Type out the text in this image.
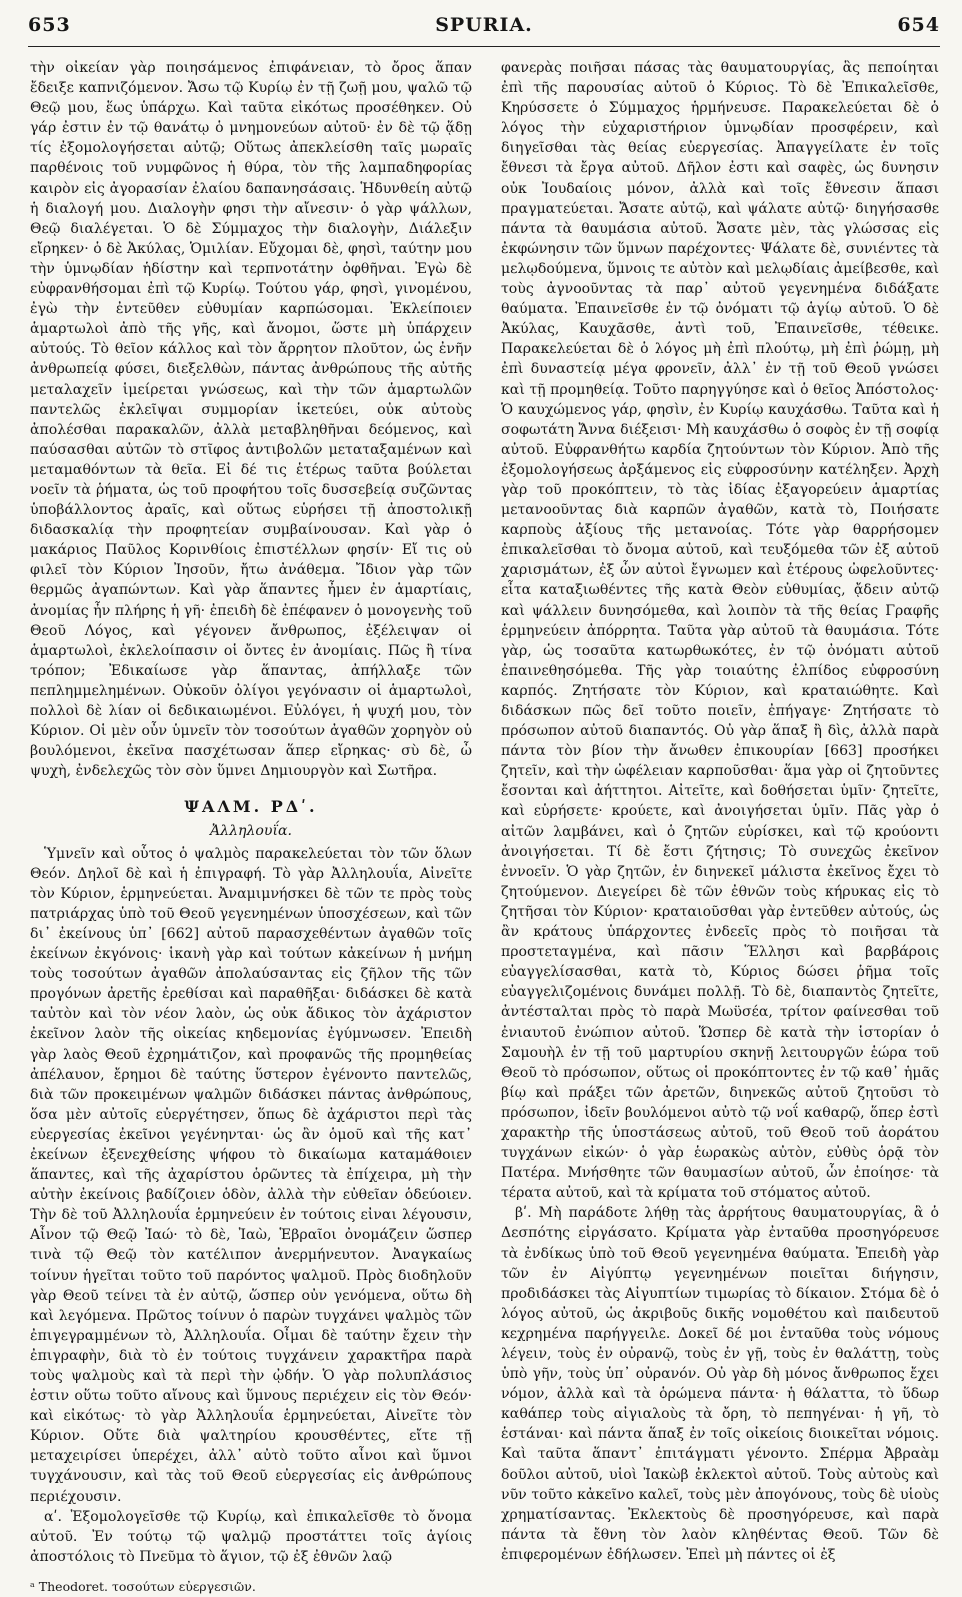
653	SPURIA.	654

τὴν οἰκείαν γὰρ ποιησάμενος ἐπιφάνειαν, τὸ ὄρος ἅπαν ἔδειξε καπνιζόμενον. Ἄσω τῷ Κυρίῳ ἐν τῇ ζωῇ μου, ψαλῶ τῷ Θεῷ μου, ἕως ὑπάρχω. Καὶ ταῦτα εἰκότως προσέθηκεν. Οὐ γάρ ἐστιν ἐν τῷ θανάτῳ ὁ μνημονεύων αὐτοῦ· ἐν δὲ τῷ ᾅδῃ τίς ἐξομολογήσεται αὐτῷ; Οὕτως ἀπεκλείσθη ταῖς μωραῖς παρθένοις τοῦ νυμφῶνος ἡ θύρα, τὸν τῆς λαμπαδηφορίας καιρὸν εἰς ἀγορασίαν ἐλαίου δαπανησάσαις. Ἡδυνθείη αὐτῷ ἡ διαλογή μου. Διαλογὴν φησι τὴν αἴνεσιν· ὁ γὰρ ψάλλων, Θεῷ διαλέγεται. Ὁ δὲ Σύμμαχος τὴν διαλογὴν, Διάλεξιν εἴρηκεν· ὁ δὲ Ἀκύλας, Ὁμιλίαν. Εὔχομαι δὲ, φησὶ, ταύτην μου τὴν ὑμνῳδίαν ἡδίστην καὶ τερπνοτάτην ὀφθῆναι. Ἐγὼ δὲ εὐφρανθήσομαι ἐπὶ τῷ Κυρίῳ. Τούτου γάρ, φησὶ, γινομένου, ἐγὼ τὴν ἐντεῦθεν εὐθυμίαν καρπώσομαι. Ἐκλείποιεν ἁμαρτωλοὶ ἀπὸ τῆς γῆς, καὶ ἄνομοι, ὥστε μὴ ὑπάρχειν αὐτούς. Τὸ θεῖον κάλλος καὶ τὸν ἄρρητον πλοῦτον, ὡς ἐνῆν ἀνθρωπείᾳ φύσει, διεξελθὼν, πάντας ἀνθρώπους τῆς αὐτῆς μεταλαχεῖν ἱμείρεται γνώσεως, καὶ τὴν τῶν ἁμαρτωλῶν παντελῶς ἐκλεῖψαι συμμορίαν ἱκετεύει, οὐκ αὐτοὺς ἀπολέσθαι παρακαλῶν, ἀλλὰ μεταβληθῆναι δεόμενος, καὶ παύσασθαι αὐτῶν τὸ στῖφος ἀντιβολῶν μεταταξαμένων καὶ μεταμαθόντων τὰ θεῖα. Εἰ δέ τις ἑτέρως ταῦτα βούλεται νοεῖν τὰ ῥήματα, ὡς τοῦ προφήτου τοῖς δυσσεβείᾳ συζῶντας ὑποβάλλοντος ἀραῖς, καὶ οὕτως εὑρήσει τῇ ἀποστολικῇ διδασκαλίᾳ τὴν προφητείαν συμβαίνουσαν. Καὶ γὰρ ὁ μακάριος Παῦλος Κορινθίοις ἐπιστέλλων φησίν· Εἴ τις οὐ φιλεῖ τὸν Κύριον Ἰησοῦν, ἤτω ἀνάθεμα. Ἴδιον γὰρ τῶν θερμῶς ἀγαπώντων. Καὶ γὰρ ἅπαντες ἦμεν ἐν ἁμαρτίαις, ἀνομίας ἦν πλήρης ἡ γῆ· ἐπειδὴ δὲ ἐπέφανεν ὁ μονογενὴς τοῦ Θεοῦ Λόγος, καὶ γέγονεν ἄνθρωπος, ἐξέλειψαν οἱ ἁμαρτωλοὶ, ἐκλελοίπασιν οἱ ὄντες ἐν ἀνομίαις. Πῶς ἢ τίνα τρόπον; Ἐδικαίωσε γὰρ ἅπαντας, ἀπήλλαξε τῶν πεπλημμελημένων. Οὐκοῦν ὀλίγοι γεγόνασιν οἱ ἁμαρτωλοὶ, πολλοὶ δὲ λίαν οἱ δεδικαιωμένοι. Εὐλόγει, ἡ ψυχή μου, τὸν Κύριον. Οἱ μὲν οὖν ὑμνεῖν τὸν τοσούτων ἀγαθῶν χορηγὸν οὐ βουλόμενοι, ἐκεῖνα πασχέτωσαν ἅπερ εἴρηκας· σὺ δὲ, ὦ ψυχὴ, ἐνδελεχῶς τὸν σὸν ὕμνει Δημιουργὸν καὶ Σωτῆρα.

ΨΑΛΜ. ΡΔʹ.
Ἀλληλουΐα.

Ὑμνεῖν καὶ οὗτος ὁ ψαλμὸς παρακελεύεται τὸν τῶν ὅλων Θεόν. Δηλοῖ δὲ καὶ ἡ ἐπιγραφή. Τὸ γὰρ Ἀλληλουΐα, Αἰνεῖτε τὸν Κύριον, ἑρμηνεύεται. Ἀναμιμνήσκει δὲ τῶν τε πρὸς τοὺς πατριάρχας ὑπὸ τοῦ Θεοῦ γεγενημένων ὑποσχέσεων, καὶ τῶν δι᾽ ἐκείνους ὑπ᾽ [662] αὐτοῦ παρασχεθέντων ἀγαθῶν τοῖς ἐκείνων ἐκγόνοις· ἱκανὴ γὰρ καὶ τούτων κἀκείνων ἡ μνήμη τοὺς τοσούτων ἀγαθῶν ἀπολαύσαντας εἰς ζῆλον τῆς τῶν προγόνων ἀρετῆς ἐρεθίσαι καὶ παραθῆξαι· διδάσκει δὲ κατὰ ταὐτὸν καὶ τὸν νέον λαὸν, ὡς οὐκ ἄδικος τὸν ἀχάριστον ἐκεῖνον λαὸν τῆς οἰκείας κηδεμονίας ἐγύμνωσεν. Ἐπειδὴ γὰρ λαὸς Θεοῦ ἐχρημάτιζον, καὶ προφανῶς τῆς προμηθείας ἀπέλαυον, ἔρημοι δὲ ταύτης ὕστερον ἐγένοντο παντελῶς, διὰ τῶν προκειμένων ψαλμῶν διδάσκει πάντας ἀνθρώπους, ὅσα μὲν αὐτοῖς εὐεργέτησεν, ὅπως δὲ ἀχάριστοι περὶ τὰς εὐεργεσίας ἐκεῖνοι γεγένηνται· ὡς ἂν ὁμοῦ καὶ τῆς κατ᾽ ἐκείνων ἐξενεχθείσης ψήφου τὸ δικαίωμα καταμάθοιεν ἅπαντες, καὶ τῆς ἀχαρίστου ὁρῶντες τὰ ἐπίχειρα, μὴ τὴν αὐτὴν ἐκείνοις βαδίζοιεν ὁδὸν, ἀλλὰ τὴν εὐθεῖαν ὁδεύοιεν. Τὴν δὲ τοῦ Ἀλληλουΐα ἑρμηνεύειν ἐν τούτοις εἰναι λέγουσιν, Αἶνον τῷ Θεῷ Ἰαώ· τὸ δὲ, Ἰαὼ, Ἑβραῖοι ὀνομάζειν ὥσπερ τινὰ τῷ Θεῷ τὸν κατέλιπον ἀνερμήνευτον. Ἀναγκαίως τοίνυν ἡγεῖται τοῦτο τοῦ παρόντος ψαλμοῦ. Πρὸς διοδηλοῦν γὰρ Θεοῦ τείνει τὰ ἐν αὐτῷ, ὥσπερ οὐν γενόμενα, οὕτω δὴ καὶ λεγόμενα. Πρῶτος τοίνυν ὁ παρὼν τυγχάνει ψαλμὸς τῶν ἐπιγεγραμμένων τὸ, Ἀλληλουΐα. Οἶμαι δὲ ταύτην ἔχειν τὴν ἐπιγραφὴν, διὰ τὸ ἐν τούτοις τυγχάνειν χαρακτῆρα παρὰ τοὺς ψαλμοὺς καὶ τὰ περὶ τὴν ᾠδήν. Ὁ γὰρ πολυπλάσιος ἐστιν οὕτω τοῦτο αἴνους καὶ ὕμνους περιέχειν εἰς τὸν Θεόν· καὶ εἰκότως· τὸ γὰρ Ἀλληλουΐα ἑρμηνεύεται, Αἰνεῖτε τὸν Κύριον. Οὔτε διὰ ψαλτηρίου κρουσθέντες, εἴτε τῇ μεταχειρίσει ὑπερέχει, ἀλλ᾽ αὐτὸ τοῦτο αἶνοι καὶ ὕμνοι τυγχάνουσιν, καὶ τὰς τοῦ Θεοῦ εὐεργεσίας εἰς ἀνθρώπους περιέχουσιν.

αʹ. Ἐξομολογεῖσθε τῷ Κυρίῳ, καὶ ἐπικαλεῖσθε τὸ ὄνομα αὐτοῦ. Ἐν τούτῳ τῷ ψαλμῷ προστάττει τοῖς ἁγίοις ἀποστόλοις τὸ Πνεῦμα τὸ ἅγιον, τῷ ἐξ ἐθνῶν λαῷ

ᵃ Theodoret. τοσούτων εὐεργεσιῶν.

φανερὰς ποιῆσαι πάσας τὰς θαυματουργίας, ἃς πεποίηται ἐπὶ τῆς παρουσίας αὐτοῦ ὁ Κύριος. Τὸ δὲ Ἐπικαλεῖσθε, Κηρύσσετε ὁ Σύμμαχος ἡρμήνευσε. Παρακελεύεται δὲ ὁ λόγος τὴν εὐχαριστήριον ὑμνῳδίαν προσφέρειν, καὶ διηγεῖσθαι τὰς θείας εὐεργεσίας. Ἀπαγγείλατε ἐν τοῖς ἔθνεσι τὰ ἔργα αὐτοῦ. Δῆλον ἐστι καὶ σαφὲς, ὡς δυνησιν οὐκ Ἰουδαίοις μόνον, ἀλλὰ καὶ τοῖς ἔθνεσιν ἅπασι πραγματεύεται. Ἄσατε αὐτῷ, καὶ ψάλατε αὐτῷ· διηγήσασθε πάντα τὰ θαυμάσια αὐτοῦ. Ἄσατε μὲν, τὰς γλώσσας εἰς ἐκφώνησιν τῶν ὕμνων παρέχοντες· Ψάλατε δὲ, συνιέντες τὰ μελῳδούμενα, ὕμνοις τε αὐτὸν καὶ μελῳδίαις ἀμείβεσθε, καὶ τοὺς ἀγνοοῦντας τὰ παρ᾽ αὐτοῦ γεγενημένα διδάξατε θαύματα. Ἐπαινεῖσθε ἐν τῷ ὀνόματι τῷ ἁγίῳ αὐτοῦ. Ὁ δὲ Ἀκύλας, Καυχᾶσθε, ἀντὶ τοῦ, Ἐπαινεῖσθε, τέθεικε. Παρακελεύεται δὲ ὁ λόγος μὴ ἐπὶ πλούτῳ, μὴ ἐπὶ ῥώμῃ, μὴ ἐπὶ δυναστείᾳ μέγα φρονεῖν, ἀλλ᾽ ἐν τῇ τοῦ Θεοῦ γνώσει καὶ τῇ προμηθείᾳ. Τοῦτο παρηγγύησε καὶ ὁ θεῖος Ἀπόστολος· Ὁ καυχώμενος γάρ, φησὶν, ἐν Κυρίῳ καυχάσθω. Ταῦτα καὶ ἡ σοφωτάτη Ἄννα διέξεισι· Μὴ καυχάσθω ὁ σοφὸς ἐν τῇ σοφίᾳ αὐτοῦ. Εὐφρανθήτω καρδία ζητούντων τὸν Κύριον. Ἀπὸ τῆς ἐξομολογήσεως ἀρξάμενος εἰς εὐφροσύνην κατέληξεν. Ἀρχὴ γὰρ τοῦ προκόπτειν, τὸ τὰς ἰδίας ἐξαγορεύειν ἁμαρτίας μετανοοῦντας διὰ καρπῶν ἀγαθῶν, κατὰ τὸ, Ποιήσατε καρποὺς ἀξίους τῆς μετανοίας. Τότε γὰρ θαρρήσομεν ἐπικαλεῖσθαι τὸ ὄνομα αὐτοῦ, καὶ τευξόμεθα τῶν ἐξ αὐτοῦ χαρισμάτων, ἐξ ὧν αὐτοὶ ἔγνωμεν καὶ ἑτέρους ὠφελοῦντες· εἶτα καταξιωθέντες τῆς κατὰ Θεὸν εὐθυμίας, ᾄδειν αὐτῷ καὶ ψάλλειν δυνησόμεθα, καὶ λοιπὸν τὰ τῆς θείας Γραφῆς ἑρμηνεύειν ἀπόρρητα. Ταῦτα γὰρ αὐτοῦ τὰ θαυμάσια. Τότε γὰρ, ὡς τοσαῦτα κατωρθωκότες, ἐν τῷ ὀνόματι αὐτοῦ ἐπαινεθησόμεθα. Τῆς γὰρ τοιαύτης ἐλπίδος εὐφροσύνη καρπός. Ζητήσατε τὸν Κύριον, καὶ κραταιώθητε. Καὶ διδάσκων πῶς δεῖ τοῦτο ποιεῖν, ἐπήγαγε· Ζητήσατε τὸ πρόσωπον αὐτοῦ διαπαντός. Οὐ γὰρ ἅπαξ ἢ δὶς, ἀλλὰ παρὰ πάντα τὸν βίον τὴν ἄνωθεν ἐπικουρίαν [663] προσήκει ζητεῖν, καὶ τὴν ὠφέλειαν καρποῦσθαι· ἅμα γὰρ οἱ ζητοῦντες ἔσονται καὶ ἀήττητοι. Αἰτεῖτε, καὶ δοθήσεται ὑμῖν· ζητεῖτε, καὶ εὑρήσετε· κρούετε, καὶ ἀνοιγήσεται ὑμῖν. Πᾶς γὰρ ὁ αἰτῶν λαμβάνει, καὶ ὁ ζητῶν εὑρίσκει, καὶ τῷ κρούοντι ἀνοιγήσεται. Τί δὲ ἔστι ζήτησις; Τὸ συνεχῶς ἐκεῖνον ἐννοεῖν. Ὁ γὰρ ζητῶν, ἐν διηνεκεῖ μάλιστα ἐκεῖνος ἔχει τὸ ζητούμενον. Διεγείρει δὲ τῶν ἐθνῶν τοὺς κήρυκας εἰς τὸ ζητῆσαι τὸν Κύριον· κραταιοῦσθαι γὰρ ἐντεῦθεν αὐτούς, ὡς ἂν κράτους ὑπάρχοντες ἐνδεεῖς πρὸς τὸ ποιῆσαι τὰ προστεταγμένα, καὶ πᾶσιν Ἕλλησι καὶ βαρβάροις εὐαγγελίσασθαι, κατὰ τὸ, Κύριος δώσει ῥῆμα τοῖς εὐαγγελιζομένοις δυνάμει πολλῇ. Τὸ δὲ, διαπαντὸς ζητεῖτε, ἀντέσταλται πρὸς τὸ παρὰ Μωϋσέα, τρίτον φαίνεσθαι τοῦ ἐνιαυτοῦ ἐνώπιον αὐτοῦ. Ὥσπερ δὲ κατὰ τὴν ἱστορίαν ὁ Σαμουὴλ ἐν τῇ τοῦ μαρτυρίου σκηνῇ λειτουργῶν ἑώρα τοῦ Θεοῦ τὸ πρόσωπον, οὕτως οἱ προκόπτοντες ἐν τῷ καθ᾽ ἡμᾶς βίῳ καὶ πράξει τῶν ἀρετῶν, διηνεκῶς αὐτοῦ ζητοῦσι τὸ πρόσωπον, ἰδεῖν βουλόμενοι αὐτὸ τῷ νοΐ καθαρῷ, ὅπερ ἐστὶ χαρακτὴρ τῆς ὑποστάσεως αὐτοῦ, τοῦ Θεοῦ τοῦ ἀοράτου τυγχάνων εἰκών· ὁ γὰρ ἑωρακὼς αὐτὸν, εὐθὺς ὁρᾷ τὸν Πατέρα. Μνήσθητε τῶν θαυμασίων αὐτοῦ, ὧν ἐποίησε· τὰ τέρατα αὐτοῦ, καὶ τὰ κρίματα τοῦ στόματος αὐτοῦ.

βʹ. Μὴ παράδοτε λήθῃ τὰς ἀρρήτους θαυματουργίας, ἃ ὁ Δεσπότης εἰργάσατο. Κρίματα γὰρ ἐνταῦθα προσηγόρευσε τὰ ἐνδίκως ὑπὸ τοῦ Θεοῦ γεγενημένα θαύματα. Ἐπειδὴ γὰρ τῶν ἐν Αἰγύπτῳ γεγενημένων ποιεῖται διήγησιν, προδιδάσκει τὰς Αἰγυπτίων τιμωρίας τὸ δίκαιον. Στόμα δὲ ὁ λόγος αὐτοῦ, ὡς ἀκριβοῦς δικῆς νομοθέτου καὶ παιδευτοῦ κεχρημένα παρήγγειλε. Δοκεῖ δέ μοι ἐνταῦθα τοὺς νόμους λέγειν, τοὺς ἐν οὐρανῷ, τοὺς ἐν γῇ, τοὺς ἐν θαλάττῃ, τοὺς ὑπὸ γῆν, τοὺς ὑπ᾽ οὐρανόν. Οὐ γὰρ δὴ μόνος ἄνθρωπος ἔχει νόμον, ἀλλὰ καὶ τὰ ὁρώμενα πάντα· ἡ θάλαττα, τὸ ὕδωρ καθάπερ τοὺς αἰγιαλοὺς τὰ ὄρη, τὸ πεπηγέναι· ἡ γῆ, τὸ ἑστάναι· καὶ πάντα ἅπαξ ἐν τοῖς οἰκείοις διοικεῖται νόμοις. Καὶ ταῦτα ἅπαντ᾽ ἐπιτάγματι γένοντο. Σπέρμα Ἀβραὰμ δοῦλοι αὐτοῦ, υἱοὶ Ἰακὼβ ἐκλεκτοὶ αὐτοῦ. Τοὺς αὐτοὺς καὶ νῦν τοῦτο κἀκεῖνο καλεῖ, τοὺς μὲν ἀπογόνους, τοὺς δὲ υἱοὺς χρηματίσαντας. Ἐκλεκτοὺς δὲ προσηγόρευσε, καὶ παρὰ πάντα τὰ ἔθνη τὸν λαὸν κληθέντας Θεοῦ. Τῶν δὲ ἐπιφερομένων ἐδήλωσεν. Ἐπεὶ μὴ πάντες οἱ ἐξ
